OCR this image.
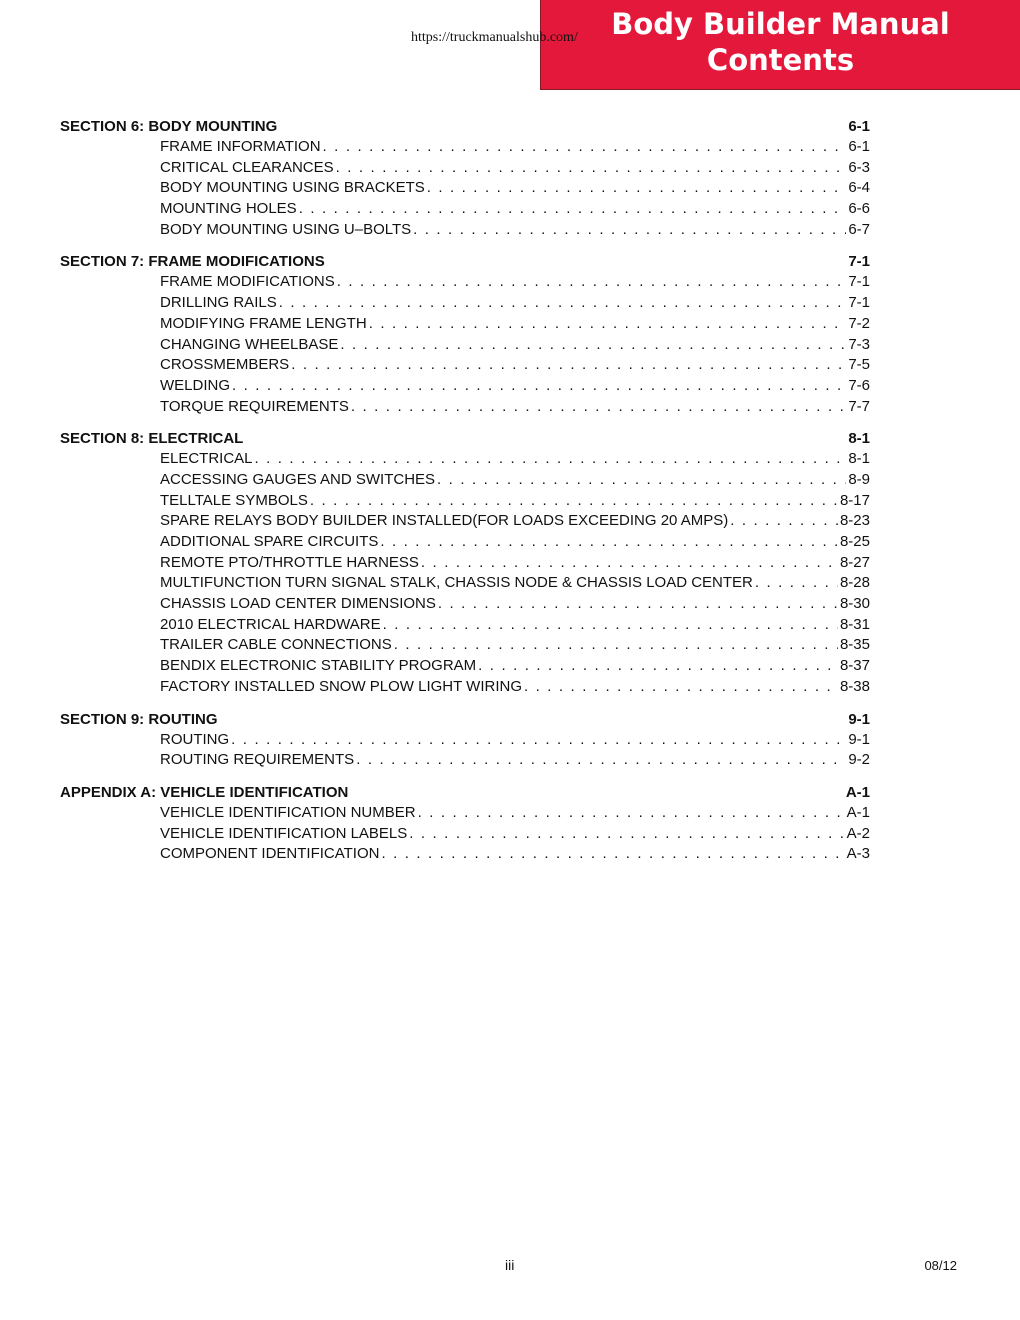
https://truckmanualshub.com/	Body Builder Manual
Contents
SECTION 6: BODY MOUNTING	6-1
FRAME INFORMATION . . .	6-1
CRITICAL CLEARANCES . . .	6-3
BODY MOUNTING USING BRACKETS . . .	6-4
MOUNTING HOLES . . .	6-6
BODY MOUNTING USING U–BOLTS . . .	6-7
SECTION 7: FRAME MODIFICATIONS	7-1
FRAME MODIFICATIONS . . .	7-1
DRILLING RAILS . . .	7-1
MODIFYING FRAME LENGTH . . .	7-2
CHANGING WHEELBASE . . .	7-3
CROSSMEMBERS . . .	7-5
WELDING . . .	7-6
TORQUE REQUIREMENTS . . .	7-7
SECTION 8: ELECTRICAL	8-1
ELECTRICAL . . .	8-1
ACCESSING GAUGES AND SWITCHES . . .	8-9
TELLTALE SYMBOLS . . .	8-17
SPARE RELAYS BODY BUILDER INSTALLED(FOR LOADS EXCEEDING 20 AMPS) . . .	8-23
ADDITIONAL SPARE CIRCUITS . . .	8-25
REMOTE PTO/THROTTLE HARNESS . . .	8-27
MULTIFUNCTION TURN SIGNAL STALK, CHASSIS NODE & CHASSIS LOAD CENTER . . .	8-28
CHASSIS LOAD CENTER DIMENSIONS . . .	8-30
2010 ELECTRICAL HARDWARE . . .	8-31
TRAILER CABLE CONNECTIONS . . .	8-35
BENDIX ELECTRONIC STABILITY PROGRAM . . .	8-37
FACTORY INSTALLED SNOW PLOW LIGHT WIRING . . .	8-38
SECTION 9: ROUTING	9-1
ROUTING . . .	9-1
ROUTING REQUIREMENTS . . .	9-2
APPENDIX A: VEHICLE IDENTIFICATION	A-1
VEHICLE IDENTIFICATION NUMBER . . .	A-1
VEHICLE IDENTIFICATION LABELS . . .	A-2
COMPONENT IDENTIFICATION . . .	A-3
iii	08/12
